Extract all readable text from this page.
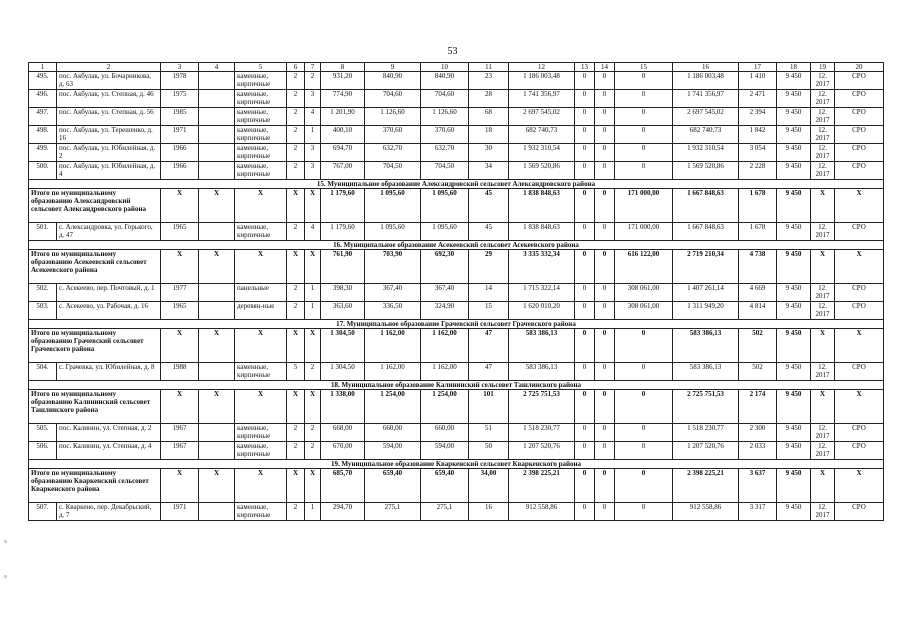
53
1	2	3	4	5	6	7	8	9	10	11	12	13	14	15	16	17	18	19	20
495.	пос. Акбулак, ул. Бочарникова, д. 63	1978		каменные, кирпичные	2	2	931,20	840,90	840,90	23	1 186 003,48	0	0	0	1 186 003,48	1 410	9 450	12. 2017	СРО
496.	пос. Акбулак, ул. Степная, д. 46	1975		каменные, кирпичные	2	3	774,90	704,60	704,60	28	1 741 356,97	0	0	0	1 741 356,97	2 471	9 450	12. 2017	СРО
497.	пос. Акбулак, ул. Степная, д. 56	1985		каменные, кирпичные	2	4	1 201,90	1 126,60	1 126,60	68	2 697 545,02	0	0	0	2 697 545,02	2 394	9 450	12. 2017	СРО
498.	пос. Акбулак, ул. Терешенко, д. 16	1971		каменные, кирпичные	2	1	400,10	370,60	370,60	18	682 740,73	0	0	0	682 740,73	1 842	9 450	12. 2017	СРО
499.	пос. Акбулак, ул. Юбилейная, д. 2	1966		каменные, кирпичные	2	3	694,70	632,70	632,70	30	1 932 310,54	0	0	0	1 932 310,54	3 054	9 450	12. 2017	СРО
500.	пос. Акбулак, ул. Юбилейная, д. 4	1966		каменные, кирпичные	2	3	767,00	704,50	704,50	34	1 569 520,86	0	0	0	1 569 520,86	2 228	9 450	12. 2017	СРО
15. Муниципальное образование Александровский сельсовет Александровского района																			
Итого по муниципальному образованию Александровский сельсовет Александровского района		X	X	X	X	X	1 179,60	1 095,60	1 095,60	45	1 838 848,63	0	0	171 000,00	1 667 848,63	1 678	9 450	X	X
501.	с. Александровка, ул. Горького, д. 47	1965		каменные, кирпичные	2	4	1 179,60	1 095,60	1 095,60	45	1 838 848,63	0	0	171 000,00	1 667 848,63	1 678	9 450	12. 2017	СРО
16. Муниципальное образование Асекеевский сельсовет Асекеевского района																			
Итого по муниципальному образованию Асекеевский сельсовет Асекеевского района		X	X	X	X	X	761,90	703,90	692,30	29	3 335 332,34	0	0	616 122,00	2 719 210,34	4 738	9 450	X	X
502.	с. Асекеево, пер. Почтовый, д. 1	1977		панельные	2	1	398,30	367,40	367,40	14	1 715 322,14	0	0	308 061,00	1 407 261,14	4 669	9 450	12. 2017	СРО
503.	с. Асекеево, ул. Рабочая, д. 16	1965		деревян-ные	2	1	363,60	336,50	324,90	15	1 620 010,20	0	0	308 061,00	1 311 949,20	4 814	9 450	12. 2017	СРО
17. Муниципальное образование Грачевский сельсовет Грачевского района																			
Итого по муниципальному образованию Грачевский сельсовет Грачевского района		X	X	X	X	X	1 304,50	1 162,00	1 162,00	47	583 386,13	0	0	0	583 386,13	502	9 450	X	X
504.	с. Грачевка, ул. Юбилейная, д. 8	1988		каменные, кирпичные	5	2	1 304,50	1 162,00	1 162,00	47	583 386,13	0	0	0	583 386,13	502	9 450	12. 2017	СРО
18. Муниципальное образование Калининский сельсовет Ташлинского района																			
Итого по муниципальному образованию Калининский сельсовет Ташлинского района		X	X	X	X	X	1 338,00	1 254,00	1 254,00	101	2 725 751,53	0	0	0	2 725 751,53	2 174	9 450	X	X
505.	пос. Калинин, ул. Степная, д. 2	1967		каменные, кирпичные	2	2	668,00	660,00	660,00	51	1 518 230,77	0	0	0	1 518 230,77	2 300	9 450	12. 2017	СРО
506.	пос. Калинин, ул. Степная, д. 4	1967		каменные, кирпичные	2	2	670,00	594,00	594,00	50	1 207 520,76	0	0	0	1 207 520,76	2 033	9 450	12. 2017	СРО
19. Муниципальное образование Кваркенский сельсовет Кваркенского района																			
Итого по муниципальному образованию Кваркенский сельсовет Кваркенского района		X	X	X	X	X	685,70	659,40	659,40	34,00	2 398 225,21	0	0	0	2 398 225,21	3 637	9 450	X	X
507.	с. Кваркено, пер. Декабрьский, д. 7	1971		каменные, кирпичные	2	1	294,70	275,1	275,1	16	912 558,86	0	0	0	912 558,86	3 317	9 450	12. 2017	СРО
